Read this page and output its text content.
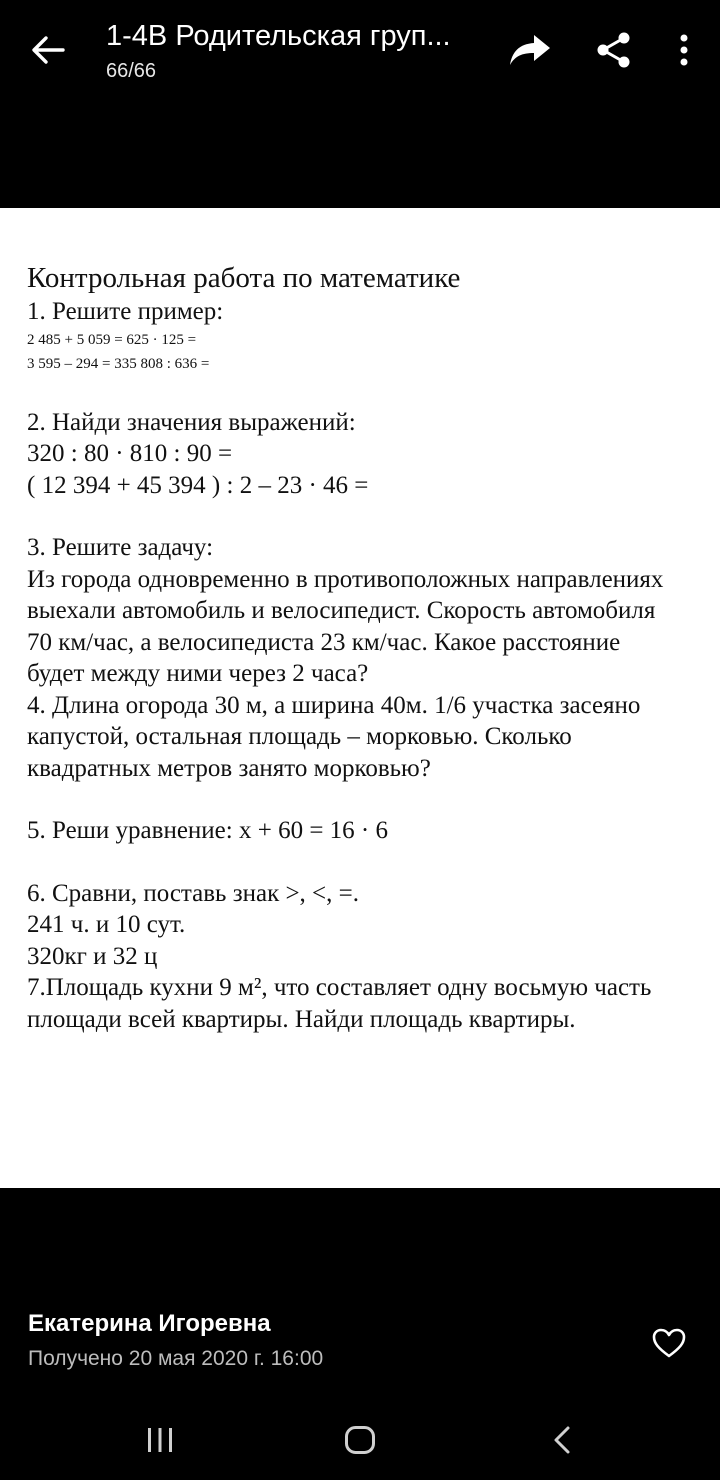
1-4В Родительская груп...
66/66
Контрольная работа по математике
1. Решите пример:
2 485 + 5 059 = 625 · 125 =
3 595 – 294 = 335 808 : 636 =
2. Найди значения выражений:
320 : 80 · 810 : 90 =
( 12 394 + 45 394 ) : 2 – 23 · 46 =
3. Решите задачу:
Из города одновременно в противоположных направлениях
выехали автомобиль и велосипедист. Скорость автомобиля
70 км/час, а велосипедиста 23 км/час. Какое расстояние
будет между ними через 2 часа?
4. Длина огорода 30 м, а ширина 40м. 1/6 участка засеяно
капустой, остальная площадь – морковью. Сколько
квадратных метров занято морковью?
5. Реши уравнение: х + 60 = 16 · 6
6. Сравни, поставь знак >, <, =.
241 ч. и 10 сут.
320кг и 32 ц
7.Площадь кухни 9 м², что составляет одну восьмую часть
площади всей квартиры. Найди площадь квартиры.
Екатерина Игоревна
Получено 20 мая 2020 г. 16:00
